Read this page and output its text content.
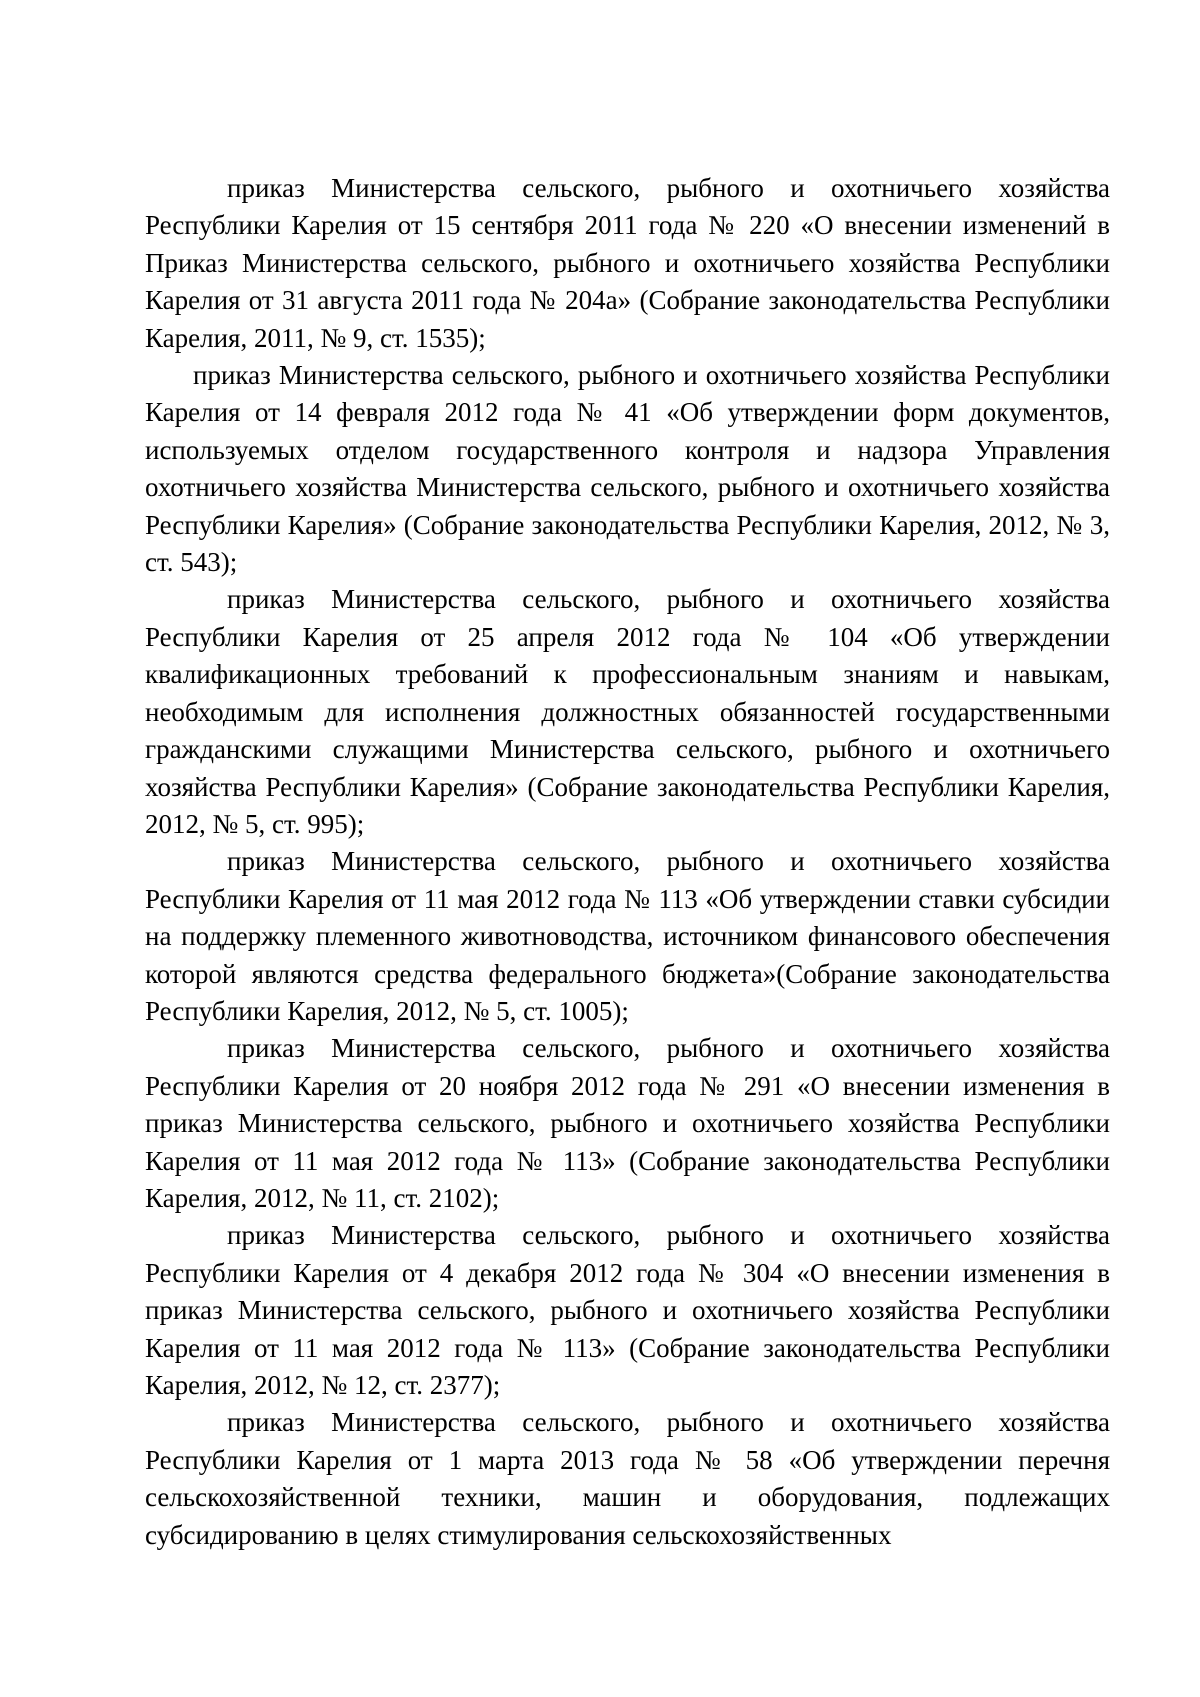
приказ Министерства сельского, рыбного и охотничьего хозяйства Республики Карелия от 15 сентября 2011 года № 220 «О внесении изменений в Приказ Министерства сельского, рыбного и охотничьего хозяйства Республики Карелия от 31 августа 2011 года № 204а» (Собрание законодательства Республики Карелия, 2011, № 9, ст. 1535);

приказ Министерства сельского, рыбного и охотничьего хозяйства Республики Карелия от 14 февраля 2012 года № 41 «Об утверждении форм документов, используемых отделом государственного контроля и надзора Управления охотничьего хозяйства Министерства сельского, рыбного и охотничьего хозяйства Республики Карелия» (Собрание законодательства Республики Карелия, 2012, № 3, ст. 543);

приказ Министерства сельского, рыбного и охотничьего хозяйства Республики Карелия от 25 апреля 2012 года № 104 «Об утверждении квалификационных требований к профессиональным знаниям и навыкам, необходимым для исполнения должностных обязанностей государственными гражданскими служащими Министерства сельского, рыбного и охотничьего хозяйства Республики Карелия» (Собрание законодательства Республики Карелия, 2012, № 5, ст. 995);

приказ Министерства сельского, рыбного и охотничьего хозяйства Республики Карелия от 11 мая 2012 года № 113 «Об утверждении ставки субсидии на поддержку племенного животноводства, источником финансового обеспечения которой являются средства федерального бюджета»(Собрание законодательства Республики Карелия, 2012, № 5, ст. 1005);

приказ Министерства сельского, рыбного и охотничьего хозяйства Республики Карелия от 20 ноября 2012 года № 291 «О внесении изменения в приказ Министерства сельского, рыбного и охотничьего хозяйства Республики Карелия от 11 мая 2012 года № 113» (Собрание законодательства Республики Карелия, 2012, № 11, ст. 2102);

приказ Министерства сельского, рыбного и охотничьего хозяйства Республики Карелия от 4 декабря 2012 года № 304 «О внесении изменения в приказ Министерства сельского, рыбного и охотничьего хозяйства Республики Карелия от 11 мая 2012 года № 113» (Собрание законодательства Республики Карелия, 2012, № 12, ст. 2377);

приказ Министерства сельского, рыбного и охотничьего хозяйства Республики Карелия от 1 марта 2013 года № 58 «Об утверждении перечня сельскохозяйственной техники, машин и оборудования, подлежащих субсидированию в целях стимулирования сельскохозяйственных
